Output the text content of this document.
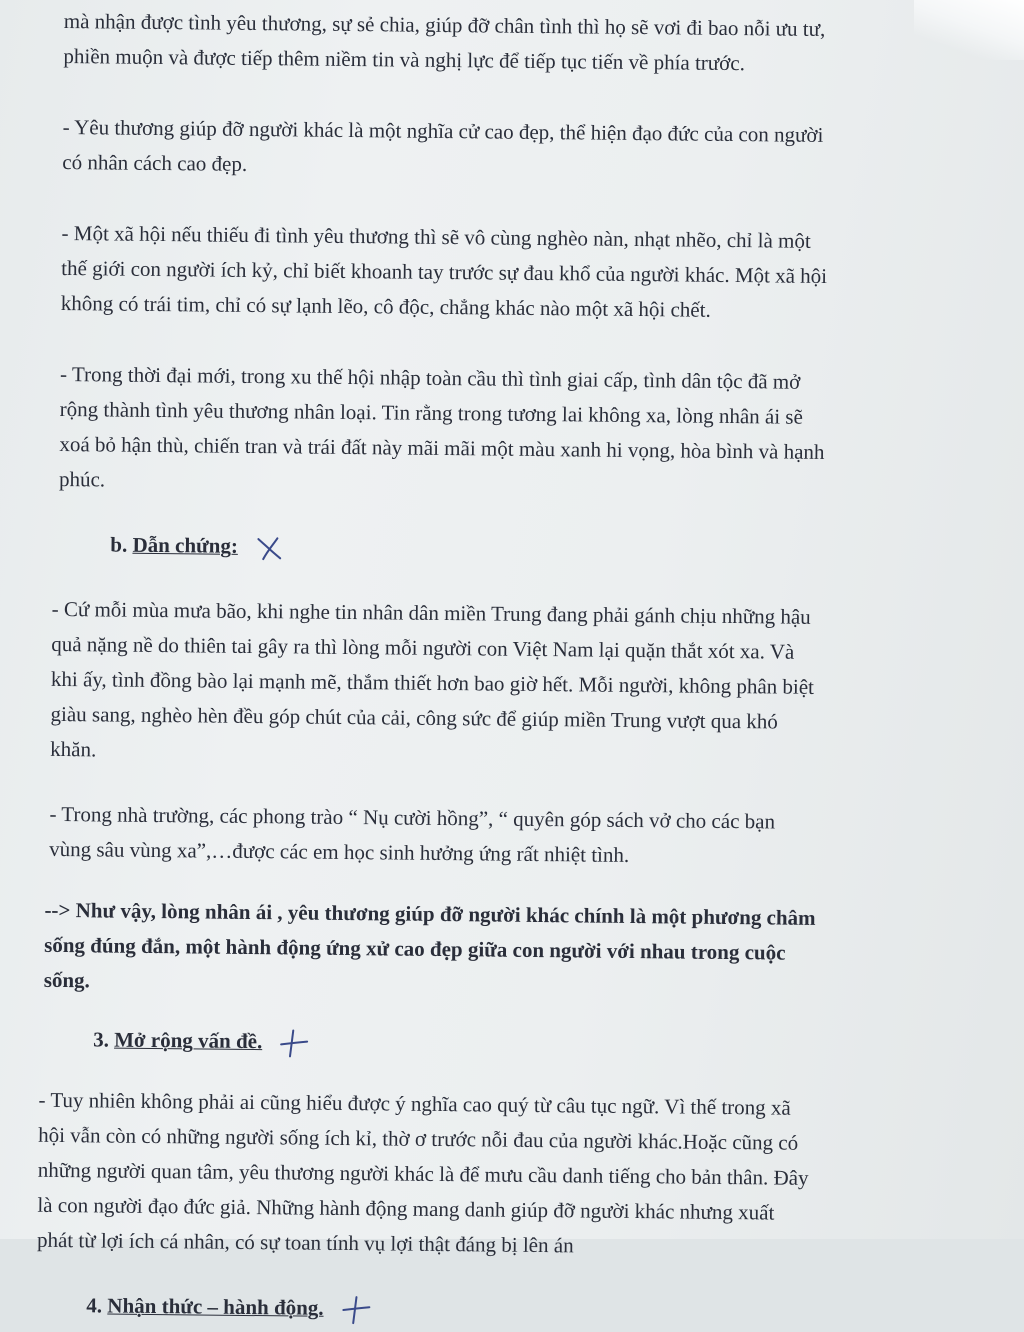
mà nhận được tình yêu thương, sự sẻ chia, giúp đỡ chân tình thì họ sẽ vơi đi bao nỗi ưu tư,
phiền muộn và được tiếp thêm niềm tin và nghị lực để tiếp tục tiến về phía trước.

- Yêu thương giúp đỡ người khác là một nghĩa cử cao đẹp, thể hiện đạo đức của con người
có nhân cách cao đẹp.

- Một xã hội nếu thiếu đi tình yêu thương thì sẽ vô cùng nghèo nàn, nhạt nhẽo, chỉ là một
thế giới con người ích kỷ, chỉ biết khoanh tay trước sự đau khổ của người khác. Một xã hội
không có trái tim, chỉ có sự lạnh lẽo, cô độc, chẳng khác nào một xã hội chết.

- Trong thời đại mới, trong xu thế hội nhập toàn cầu thì tình giai cấp, tình dân tộc đã mở
rộng thành tình yêu thương nhân loại. Tin rằng trong tương lai không xa, lòng nhân ái sẽ
xoá bỏ hận thù, chiến tran và trái đất này mãi mãi một màu xanh hi vọng, hòa bình và hạnh
phúc.

b. Dẫn chứng:

- Cứ mỗi mùa mưa bão, khi nghe tin nhân dân miền Trung đang phải gánh chịu những hậu
quả nặng nề do thiên tai gây ra thì lòng mỗi người con Việt Nam lại quặn thắt xót xa. Và
khi ấy, tình đồng bào lại mạnh mẽ, thắm thiết hơn bao giờ hết. Mỗi người, không phân biệt
giàu sang, nghèo hèn đều góp chút của cải, công sức để giúp miền Trung vượt qua khó
khăn.

- Trong nhà trường, các phong trào “ Nụ cười hồng”, “ quyên góp sách vở cho các bạn
vùng sâu vùng xa”,…được các em học sinh hưởng ứng rất nhiệt tình.

--> Như vậy, lòng nhân ái , yêu thương giúp đỡ người khác chính là một phương châm
sống đúng đắn, một hành động ứng xử cao đẹp giữa con người với nhau trong cuộc
sống.

3. Mở rộng vấn đề.

- Tuy nhiên không phải ai cũng hiểu được ý nghĩa cao quý từ câu tục ngữ. Vì thế trong xã
hội vẫn còn có những người sống ích kỉ, thờ ơ trước nỗi đau của người khác.Hoặc cũng có
những người quan tâm, yêu thương người khác là để mưu cầu danh tiếng cho bản thân. Đây
là con người đạo đức giả. Những hành động mang danh giúp đỡ người khác nhưng xuất
phát từ lợi ích cá nhân, có sự toan tính vụ lợi thật đáng bị lên án

4. Nhận thức – hành động.
